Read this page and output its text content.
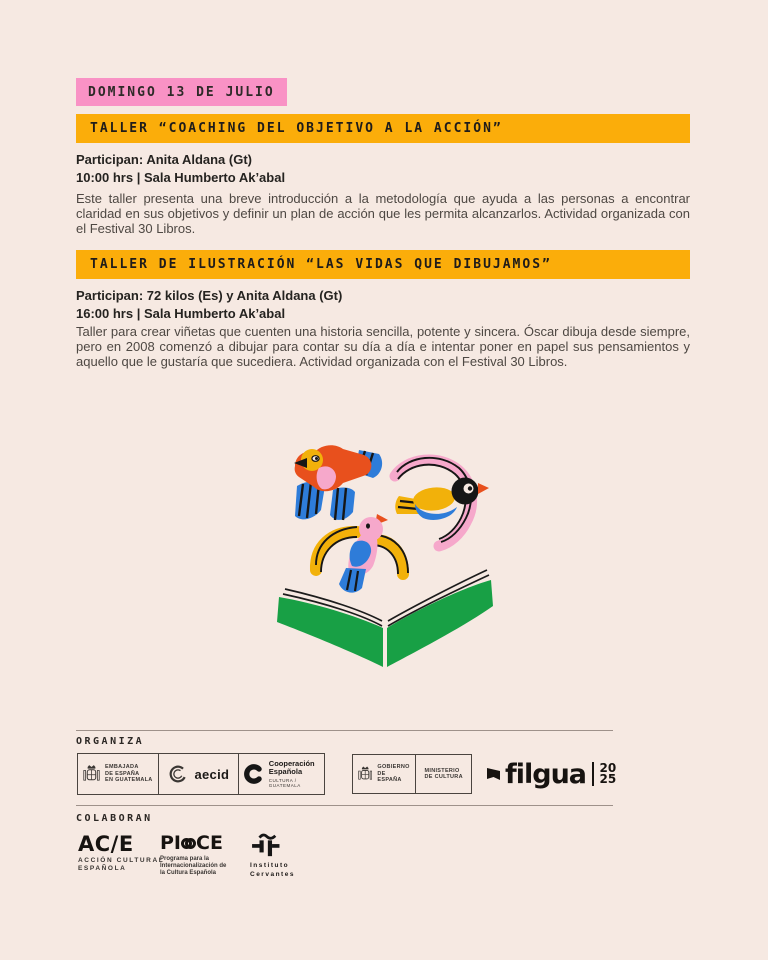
DOMINGO 13 DE JULIO
TALLER “COACHING DEL OBJETIVO A LA ACCIÓN”
Participan: Anita Aldana (Gt)
10:00 hrs | Sala Humberto Ak’abal

Este taller presenta una breve introducción a la metodología que ayuda a las personas a encontrar claridad en sus objetivos y definir un plan de acción que les permita alcanzarlos. Actividad organizada con el Festival 30 Libros.

TALLER DE ILUSTRACIÓN “LAS VIDAS QUE DIBUJAMOS”
Participan: 72 kilos (Es) y Anita Aldana (Gt)
16:00 hrs | Sala Humberto Ak’abal

Taller para crear viñetas que cuenten una historia sencilla, potente y sincera. Óscar dibuja desde siempre, pero en 2008 comenzó a dibujar para contar su día a día e intentar poner en papel sus pensamientos y aquello que le gustaría que sucediera. Actividad organizada con el Festival 30 Libros.

ORGANIZA
EMBAJADA
DE ESPAÑA
EN GUATEMALA	aecid
Cooperación
Española
CULTURA / GUATEMALA
GOBIERNO
DE ESPAÑA
MINISTERIO
DE CULTURA filgua 20
25
COLABORAN
AC/E
ACCIÓN CULTURAL
ESPAÑOLA
PI CE
Programa para la
Internacionalización de
la Cultura Española
Instituto
Cervantes
